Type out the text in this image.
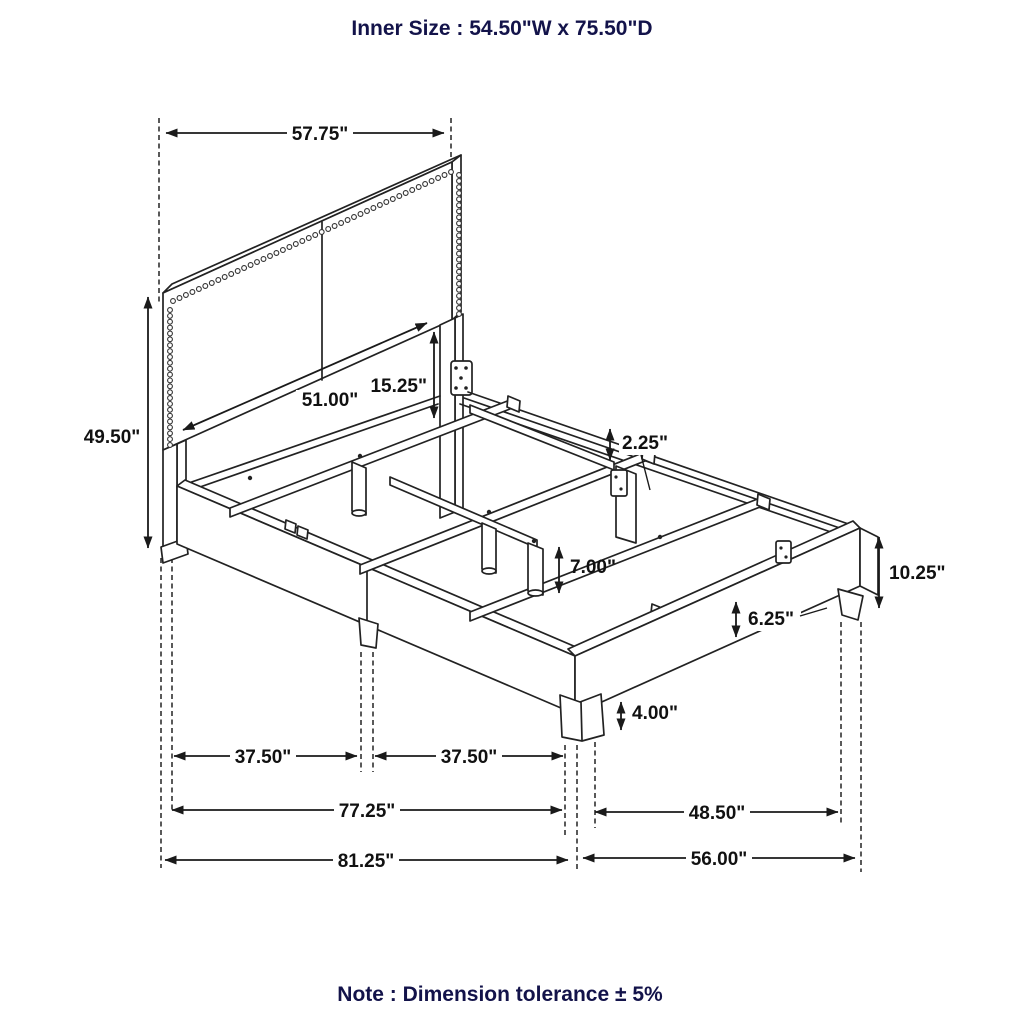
Inner Size : 54.50"W x 75.50"D
57.75"
49.50"
51.00"
15.25"
2.25"
7.00"	10.25"
6.25"
4.00"
37.50"	37.50"
77.25"	48.50"
81.25"	56.00"
Note : Dimension tolerance ± 5%
